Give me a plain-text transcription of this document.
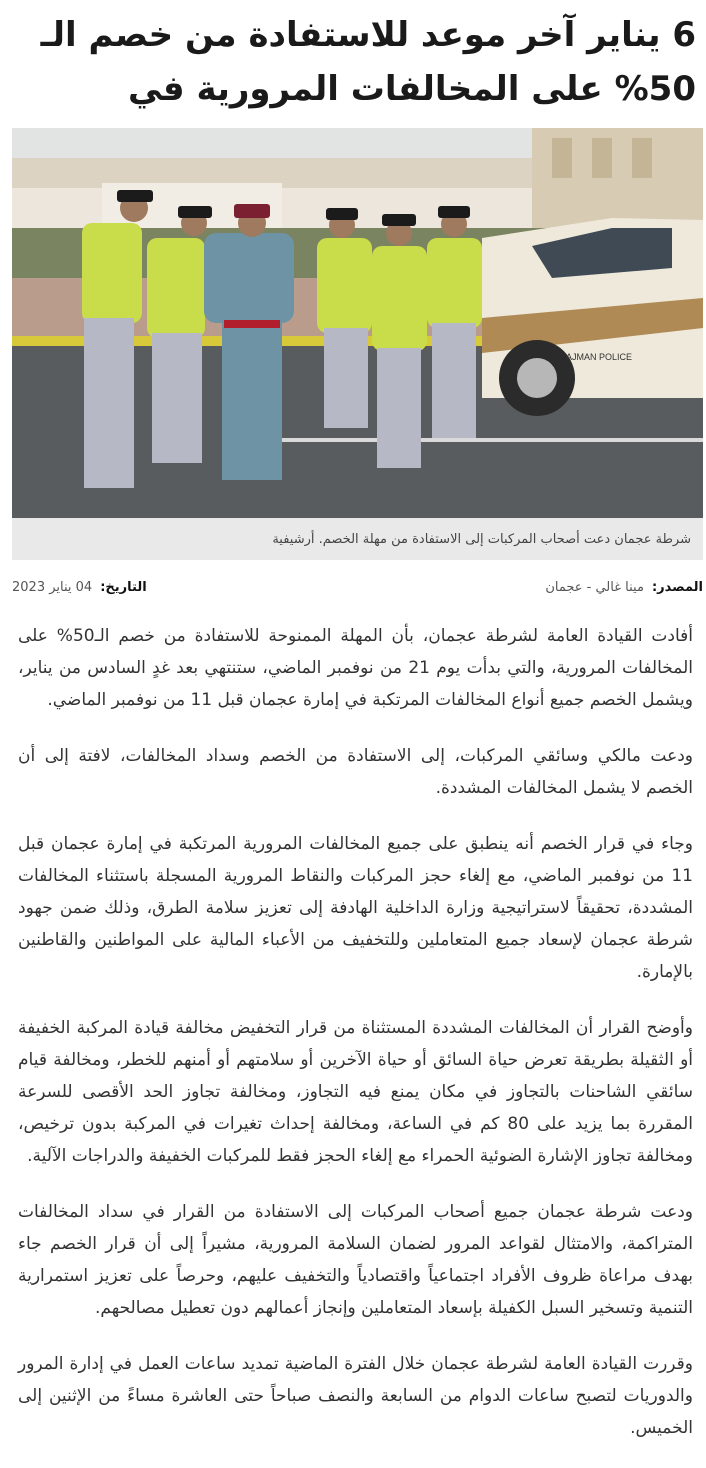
6 يناير آخر موعد للاستفادة من خصم الـ 50% على المخالفات المرورية في
AJMAN POLICE
شرطة عجمان دعت أصحاب المركبات إلى الاستفادة من مهلة الخصم. أرشيفية
المصدر:
مينا غالي - عجمان
التاريخ:
04 يناير 2023

أفادت القيادة العامة لشرطة عجمان، بأن المهلة الممنوحة للاستفادة من خصم الـ50% على المخالفات المرورية، والتي بدأت يوم 21 من نوفمبر الماضي، ستنتهي بعد غدٍ السادس من يناير، ويشمل الخصم جميع أنواع المخالفات المرتكبة في إمارة عجمان قبل 11 من نوفمبر الماضي.

ودعت مالكي وسائقي المركبات، إلى الاستفادة من الخصم وسداد المخالفات، لافتة إلى أن الخصم لا يشمل المخالفات المشددة.

وجاء في قرار الخصم أنه ينطبق على جميع المخالفات المرورية المرتكبة في إمارة عجمان قبل 11 من نوفمبر الماضي، مع إلغاء حجز المركبات والنقاط المرورية المسجلة باستثناء المخالفات المشددة، تحقيقاً لاستراتيجية وزارة الداخلية الهادفة إلى تعزيز سلامة الطرق، وذلك ضمن جهود شرطة عجمان لإسعاد جميع المتعاملين وللتخفيف من الأعباء المالية على المواطنين والقاطنين بالإمارة.

وأوضح القرار أن المخالفات المشددة المستثناة من قرار التخفيض مخالفة قيادة المركبة الخفيفة أو الثقيلة بطريقة تعرض حياة السائق أو حياة الآخرين أو سلامتهم أو أمنهم للخطر، ومخالفة قيام سائقي الشاحنات بالتجاوز في مكان يمنع فيه التجاوز، ومخالفة تجاوز الحد الأقصى للسرعة المقررة بما يزيد على 80 كم في الساعة، ومخالفة إحداث تغيرات في المركبة بدون ترخيص، ومخالفة تجاوز الإشارة الضوئية الحمراء مع إلغاء الحجز فقط للمركبات الخفيفة والدراجات الآلية.

ودعت شرطة عجمان جميع أصحاب المركبات إلى الاستفادة من القرار في سداد المخالفات المتراكمة، والامتثال لقواعد المرور لضمان السلامة المرورية، مشيراً إلى أن قرار الخصم جاء بهدف مراعاة ظروف الأفراد اجتماعياً واقتصادياً والتخفيف عليهم، وحرصاً على تعزيز استمرارية التنمية وتسخير السبل الكفيلة بإسعاد المتعاملين وإنجاز أعمالهم دون تعطيل مصالحهم.

وقررت القيادة العامة لشرطة عجمان خلال الفترة الماضية تمديد ساعات العمل في إدارة المرور والدوريات لتصبح ساعات الدوام من السابعة والنصف صباحاً حتى العاشرة مساءً من الإثنين إلى الخميس.
